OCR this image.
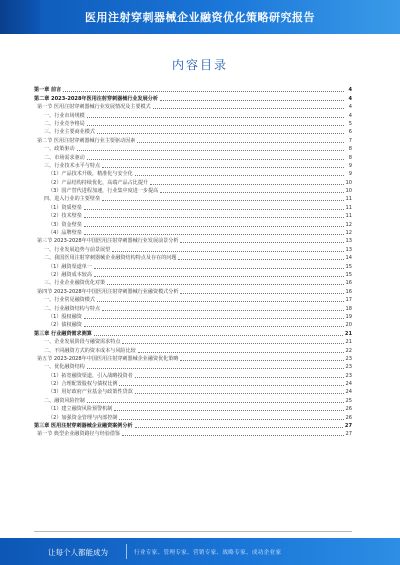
医用注射穿刺器械企业融资优化策略研究报告
内容目录
第一章 前言	4
第二章 2023-2028年医用注射穿刺器械行业发展分析	4
第一节 医用注射穿刺器械行业发展情况及主要模式	4
一、行业市场规模	4
二、行业竞争格局	5
三、行业主要商业模式	6
第二节 医用注射穿刺器械行业主要驱动因素	7
一、政策驱动	8
二、市场需求驱动	8
三、行业技术水平与特点	9
（1）产品技术升级，精准化与安全化	9
（2）产品结构持续优化，高端产品占比提升	10
（3）国产替代进程加速，行业集中度进一步提高	10
四、进入行业的主要壁垒	11
（1）资质壁垒	11
（2）技术壁垒	11
（3）资金壁垒	12
（4）品牌壁垒	12
第三节 2023-2028年中国医用注射穿刺器械行业发展前景分析	13
一、行业发展趋势与前景展望	13
二、我国医用注射穿刺器械企业融资结构特点及存在的问题	14
（1）融资渠道单一	15
（2）融资成本较高	15
三、行业企业融资优化对策	16
第四节 2023-2028年中国医用注射穿刺器械行业融资模式分析	16
一、行业常见融资模式	17
二、行业融资结构与特点	18
（1）股权融资	19
（2）债权融资	20
第三章 行业融资需求测算	21
一、企业发展阶段与融资需求特点	21
二、不同融资方式的资本成本与风险比较	22
第五节 2023-2028年中国医用注射穿刺器械企业融资优化策略	23
一、优化融资结构	23
（1）拓宽融资渠道，引入战略投资者	23
（2）合理配置股权与债权比例	24
（3）用好政府产业基金与政策性贷款	24
二、融资风险控制	25
（1）建立融资风险预警机制	26
（2）加强资金管理与内部控制	26
第三章 医用注射穿刺器械企业融资案例分析	27
第一节 典型企业融资路径与经验借鉴	27
让每个人都能成为	行业专家、管理专家、营销专家、战略专家、成功企业家
